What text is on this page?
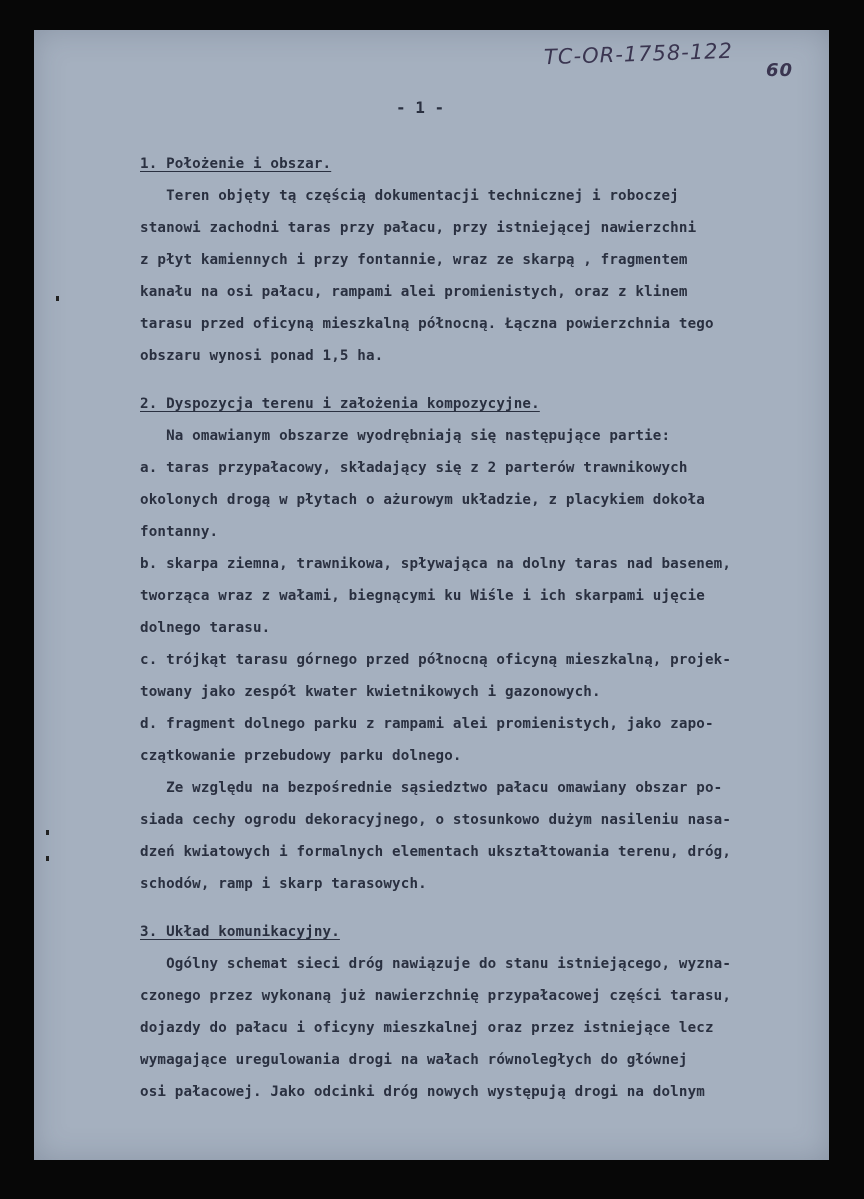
TC-OR-1758-122
60
- 1 -
1. Położenie i obszar.
Teren objęty tą częścią dokumentacji technicznej i roboczej
stanowi zachodni taras przy pałacu, przy istniejącej nawierzchni
z płyt kamiennych i przy fontannie, wraz ze skarpą , fragmentem
kanału na osi pałacu, rampami alei promienistych, oraz z klinem
tarasu przed oficyną mieszkalną północną. Łączna powierzchnia tego
obszaru wynosi ponad 1,5 ha.
2. Dyspozycja terenu i założenia kompozycyjne.
Na omawianym obszarze wyodrębniają się następujące partie:
a. taras przypałacowy, składający się z 2 parterów trawnikowych
okolonych drogą w płytach o ażurowym układzie, z placykiem dokoła
fontanny.
b. skarpa ziemna, trawnikowa, spływająca na dolny taras nad basenem,
tworząca wraz z wałami, biegnącymi ku Wiśle i ich skarpami ujęcie
dolnego tarasu.
c. trójkąt tarasu górnego przed północną oficyną mieszkalną, projek-
towany jako zespół kwater kwietnikowych i gazonowych.
d. fragment dolnego parku z rampami alei promienistych, jako zapo-
czątkowanie przebudowy parku dolnego.
Ze względu na bezpośrednie sąsiedztwo pałacu omawiany obszar po-
siada cechy ogrodu dekoracyjnego, o stosunkowo dużym nasileniu nasa-
dzeń kwiatowych i formalnych elementach ukształtowania terenu, dróg,
schodów, ramp i skarp tarasowych.
3. Układ komunikacyjny.
Ogólny schemat sieci dróg nawiązuje do stanu istniejącego, wyzna-
czonego przez wykonaną już nawierzchnię przypałacowej części tarasu,
dojazdy do pałacu i oficyny mieszkalnej oraz przez istniejące lecz
wymagające uregulowania drogi na wałach równoległych do głównej
osi pałacowej. Jako odcinki dróg nowych występują drogi na dolnym
